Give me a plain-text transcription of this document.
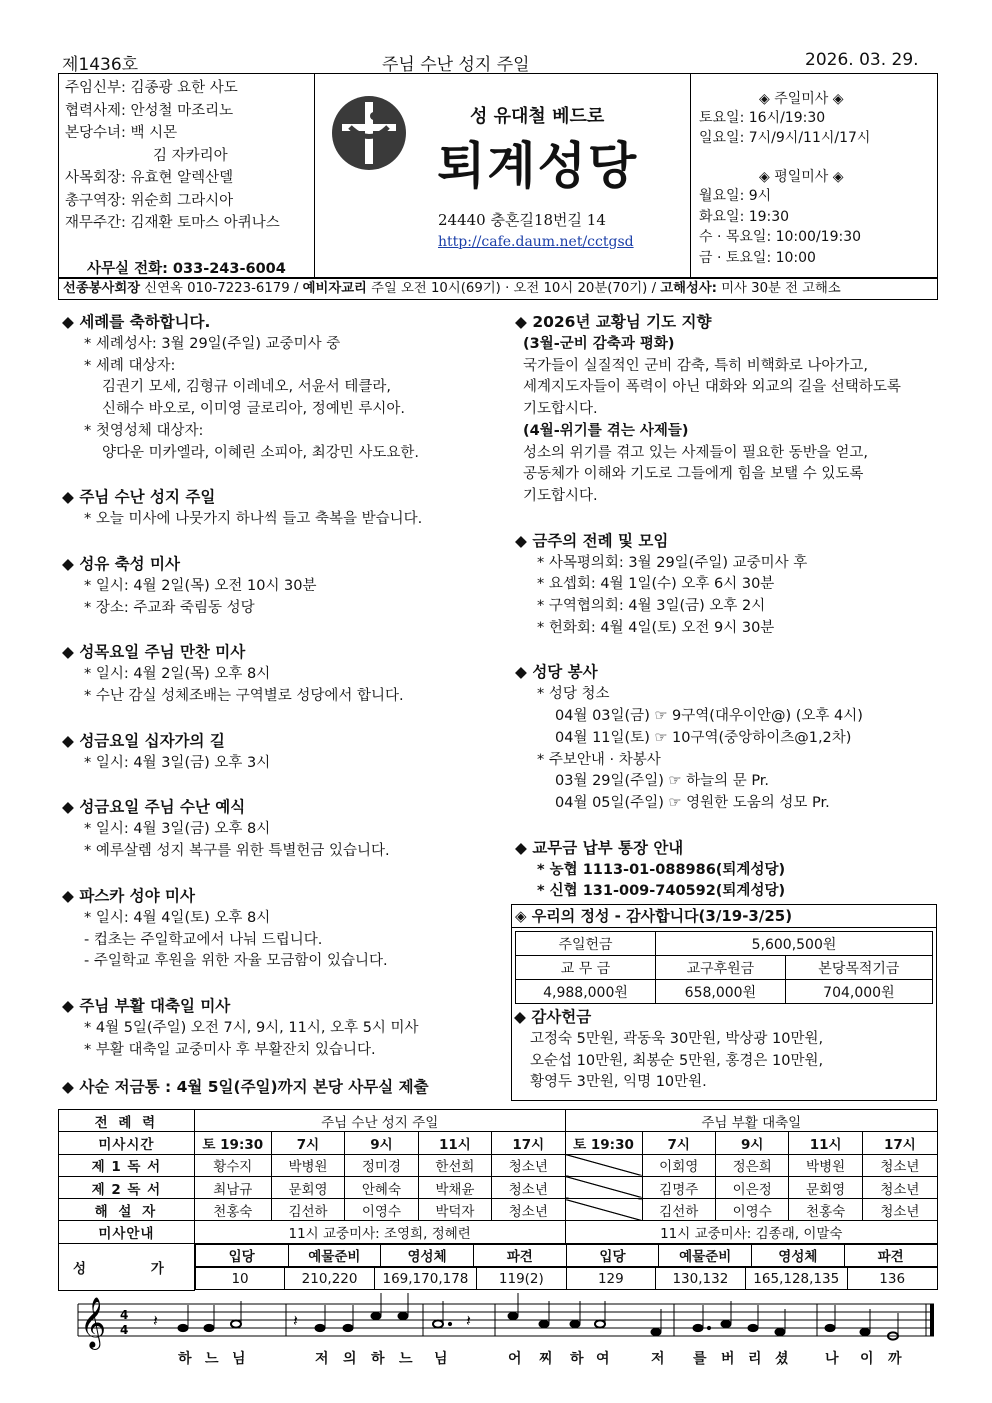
제1436호	주님 수난 성지 주일	2026. 03. 29.
주임신부: 김종광 요한 사도
협력사제: 안성철 마조리노
본당수녀: 백 시몬
김 자카리아
사목회장: 유효현 알렉산델
총구역장: 위순희 그라시아
재무주간: 김재환 토마스 아퀴나스
사무실 전화: 033-243-6004
성 유대철 베드로
퇴계성당
24440 충혼길18번길 14
http://cafe.daum.net/cctgsd
◈ 주일미사 ◈
토요일: 16시/19:30
일요일: 7시/9시/11시/17시
◈ 평일미사 ◈
월요일: 9시
화요일: 19:30
수 · 목요일: 10:00/19:30
금 · 토요일: 10:00
선종봉사회장 신연옥 010-7223-6179 / 예비자교리 주일 오전 10시(69기) · 오전 10시 20분(70기) / 고해성사: 미사 30분 전 고해소
◆ 세례를 축하합니다.
* 세례성사: 3월 29일(주일) 교중미사 중
* 세례 대상자:
김권기 모세, 김형규 이레네오, 서윤서 테클라,
신해수 바오로, 이미영 글로리아, 정예빈 루시아.
* 첫영성체 대상자:
양다운 미카엘라, 이혜린 소피아, 최강민 사도요한.
◆ 주님 수난 성지 주일
* 오늘 미사에 나뭇가지 하나씩 들고 축복을 받습니다.
◆ 성유 축성 미사
* 일시: 4월 2일(목) 오전 10시 30분
* 장소: 주교좌 죽림동 성당
◆ 성목요일 주님 만찬 미사
* 일시: 4월 2일(목) 오후 8시
* 수난 감실 성체조배는 구역별로 성당에서 합니다.
◆ 성금요일 십자가의 길
* 일시: 4월 3일(금) 오후 3시
◆ 성금요일 주님 수난 예식
* 일시: 4월 3일(금) 오후 8시
* 예루살렘 성지 복구를 위한 특별헌금 있습니다.
◆ 파스카 성야 미사
* 일시: 4월 4일(토) 오후 8시
- 컵초는 주일학교에서 나눠 드립니다.
- 주일학교 후원을 위한 자율 모금함이 있습니다.
◆ 주님 부활 대축일 미사
* 4월 5일(주일) 오전 7시, 9시, 11시, 오후 5시 미사
* 부활 대축일 교중미사 후 부활잔치 있습니다.
◆ 사순 저금통 : 4월 5일(주일)까지 본당 사무실 제출
◆ 2026년 교황님 기도 지향
(3월-군비 감축과 평화)
국가들이 실질적인 군비 감축, 특히 비핵화로 나아가고,
세계지도자들이 폭력이 아닌 대화와 외교의 길을 선택하도록
기도합시다.
(4월-위기를 겪는 사제들)
성소의 위기를 겪고 있는 사제들이 필요한 동반을 얻고,
공동체가 이해와 기도로 그들에게 힘을 보탤 수 있도록
기도합시다.
◆ 금주의 전례 및 모임
* 사목평의회: 3월 29일(주일) 교중미사 후
* 요셉회: 4월 1일(수) 오후 6시 30분
* 구역협의회: 4월 3일(금) 오후 2시
* 헌화회: 4월 4일(토) 오전 9시 30분
◆ 성당 봉사
* 성당 청소
04월 03일(금) ☞ 9구역(대우이안@) (오후 4시)
04월 11일(토) ☞ 10구역(중앙하이츠@1,2차)
* 주보안내 · 차봉사
03월 29일(주일) ☞ 하늘의 문 Pr.
04월 05일(주일) ☞ 영원한 도움의 성모 Pr.
◆ 교무금 납부 통장 안내
* 농협 1113-01-088986(퇴계성당)
* 신협 131-009-740592(퇴계성당)
◈ 우리의 정성 - 감사합니다(3/19-3/25)
주일헌금	5,600,500원	
교 무 금	교구후원금	본당목적기금
4,988,000원	658,000원	704,000원
◆ 감사헌금
고정숙 5만원, 곽동욱 30만원, 박상광 10만원,
오순섭 10만원, 최봉순 5만원, 홍경은 10만원,
황영두 3만원, 익명 10만원.
전 례 력	주님 수난 성지 주일	주님 부활 대축일
미사시간	토 19:30	7시	9시	11시	17시	토 19:30	7시	9시	11시	17시
제 1 독 서	황수지	박병원	정미경	한선희	청소년		이회영	정은희	박병원	청소년
제 2 독 서	최남규	문회영	안혜숙	박채윤	청소년		김명주	이은정	문회영	청소년
해 설 자	천홍숙	김선하	이영수	박덕자	청소년		김선하	이영수	천홍숙	청소년
미사안내	11시 교중미사: 조영희, 정혜련	11시 교중미사: 김종래, 이말숙
성 가	
입당	예물준비	영성체	파견	입당	예물준비	영성체	파견

10	210,220	169,170,178	119(2)	129	130,132	165,128,135	136
𝄞 4
4 𝄽	𝄽	𝄽
하 느 님	저 의 하 느 님	어 찌 하 여	저 를 버 리 셨	나 이 까
